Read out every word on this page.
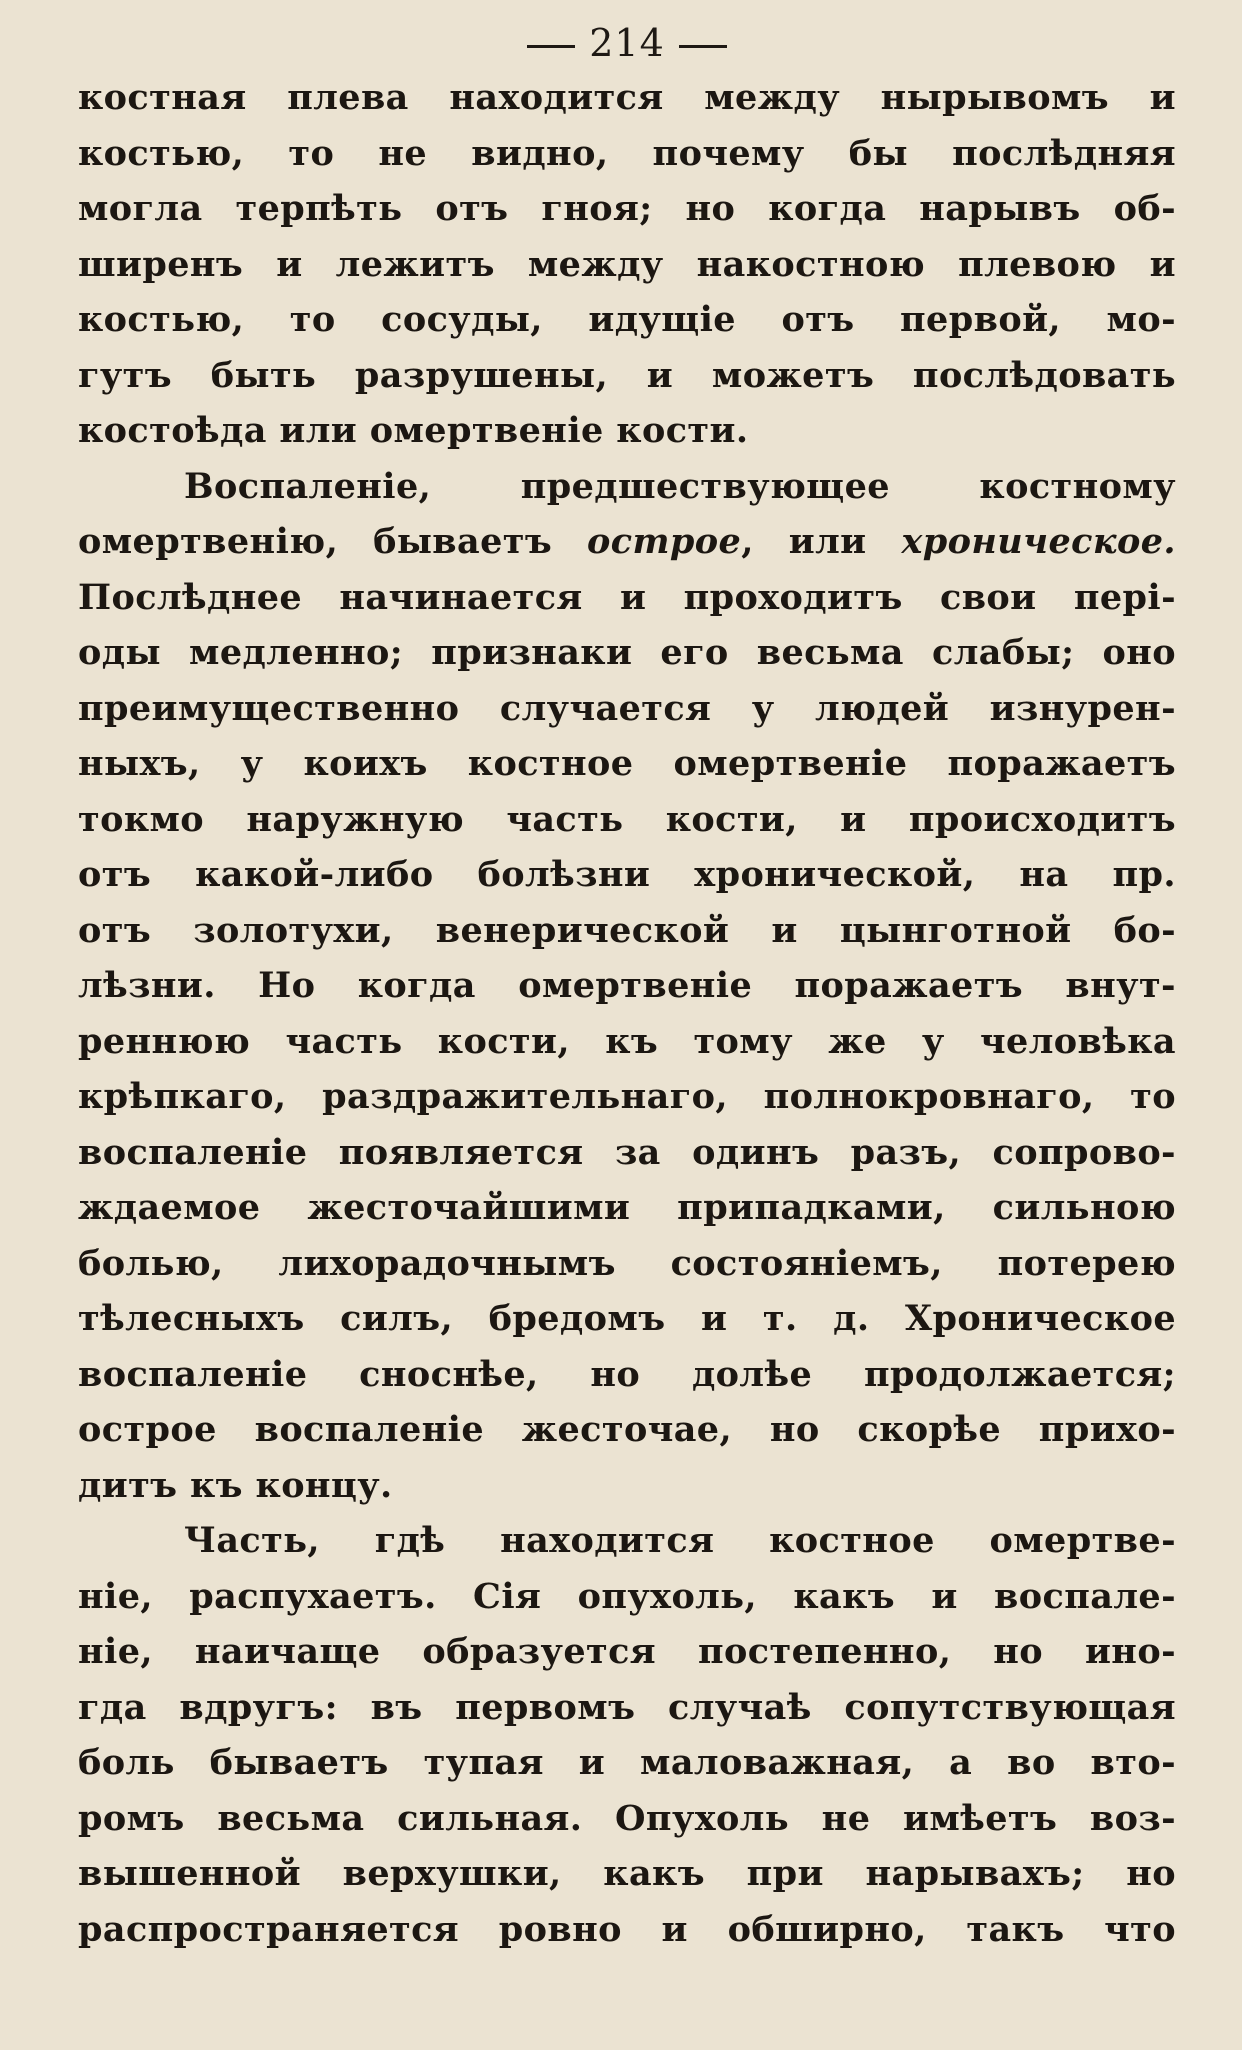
214
костная плева находится между нырывомъ и
костью, то не видно, почему бы послѣдняя
могла терпѣть отъ гноя; но когда нарывъ об-
ширенъ и лежитъ между накостною плевою и
костью, то сосуды, идущіе отъ первой, мо-
гутъ быть разрушены, и можетъ послѣдовать
костоѣда или омертвеніе кости.
Воспаленіе, предшествующее костному
омертвенію, бываетъ острое, или хроническое.
Послѣднее начинается и проходитъ свои пері-
оды медленно; признаки его весьма слабы; оно
преимущественно случается у людей изнурен-
ныхъ, у коихъ костное омертвеніе поражаетъ
токмо наружную часть кости, и происходитъ
отъ какой-либо болѣзни хронической, на пр.
отъ золотухи, венерической и цынготной бо-
лѣзни. Но когда омертвеніе поражаетъ внут-
реннюю часть кости, къ тому же у человѣка
крѣпкаго, раздражительнаго, полнокровнаго, то
воспаленіе появляется за одинъ разъ, сопрово-
ждаемое жесточайшими припадками, сильною
болью, лихорадочнымъ состояніемъ, потерею
тѣлесныхъ силъ, бредомъ и т. д. Хроническое
воспаленіе сноснѣе, но долѣе продолжается;
острое воспаленіе жесточае, но скорѣе прихо-
дитъ къ концу.
Часть, гдѣ находится костное омертве-
ніе, распухаетъ. Сія опухоль, какъ и воспале-
ніе, наичаще образуется постепенно, но ино-
гда вдругъ: въ первомъ случаѣ сопутствующая
боль бываетъ тупая и маловажная, а во вто-
ромъ весьма сильная. Опухоль не имѣетъ воз-
вышенной верхушки, какъ при нарывахъ; но
распространяется ровно и обширно, такъ что
